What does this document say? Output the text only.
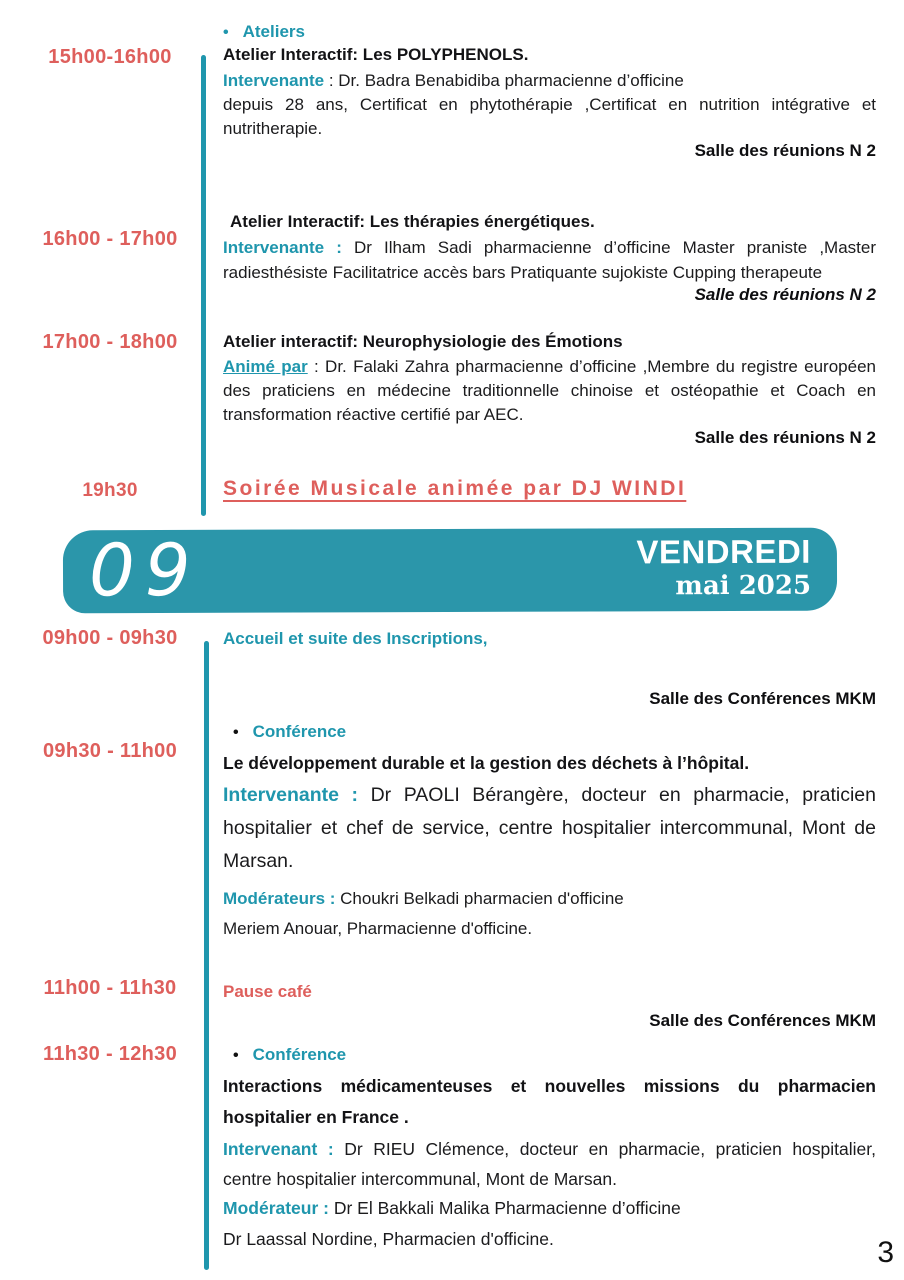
• Ateliers
15h00-16h00	Atelier Interactif: Les POLYPHENOLS.
Intervenante : Dr. Badra Benabidiba pharmacienne d’officine
depuis 28 ans, Certificat en phytothérapie ,Certificat en nutrition intégrative et nutritherapie.
Salle des réunions N 2
16h00 - 17h00
Atelier Interactif: Les thérapies énergétiques.
Intervenante : Dr Ilham Sadi pharmacienne d’officine Master praniste ,Master radiesthésiste Facilitatrice accès bars Pratiquante sujokiste Cupping therapeute
Salle des réunions N 2
17h00 - 18h00	Atelier interactif: Neurophysiologie des Émotions
Animé par : Dr. Falaki Zahra pharmacienne d’officine ,Membre du registre européen des praticiens en médecine traditionnelle chinoise et ostéopathie et Coach en transformation réactive certifié par AEC.
Salle des réunions N 2
19h30	Soirée Musicale animée par DJ WINDI
09	VENDREDI
mai 2025
09h00 - 09h30	Accueil et suite des Inscriptions,
Salle des Conférences MKM
• Conférence
09h30 - 11h00
Le développement durable et la gestion des déchets à l’hôpital.
Intervenante : Dr PAOLI Bérangère, docteur en pharmacie, praticien hospitalier et chef de service, centre hospitalier intercommunal, Mont de Marsan.
Modérateurs : Choukri Belkadi pharmacien d'officine
Meriem Anouar, Pharmacienne d'officine.
11h00 - 11h30	Pause café
Salle des Conférences MKM
11h30 - 12h30	• Conférence
Interactions médicamenteuses et nouvelles missions du pharmacien hospitalier en France .
Intervenant : Dr RIEU Clémence, docteur en pharmacie, praticien hospitalier, centre hospitalier intercommunal, Mont de Marsan.
Modérateur : Dr El Bakkali Malika Pharmacienne d’officine
Dr Laassal Nordine, Pharmacien d'officine.	3
